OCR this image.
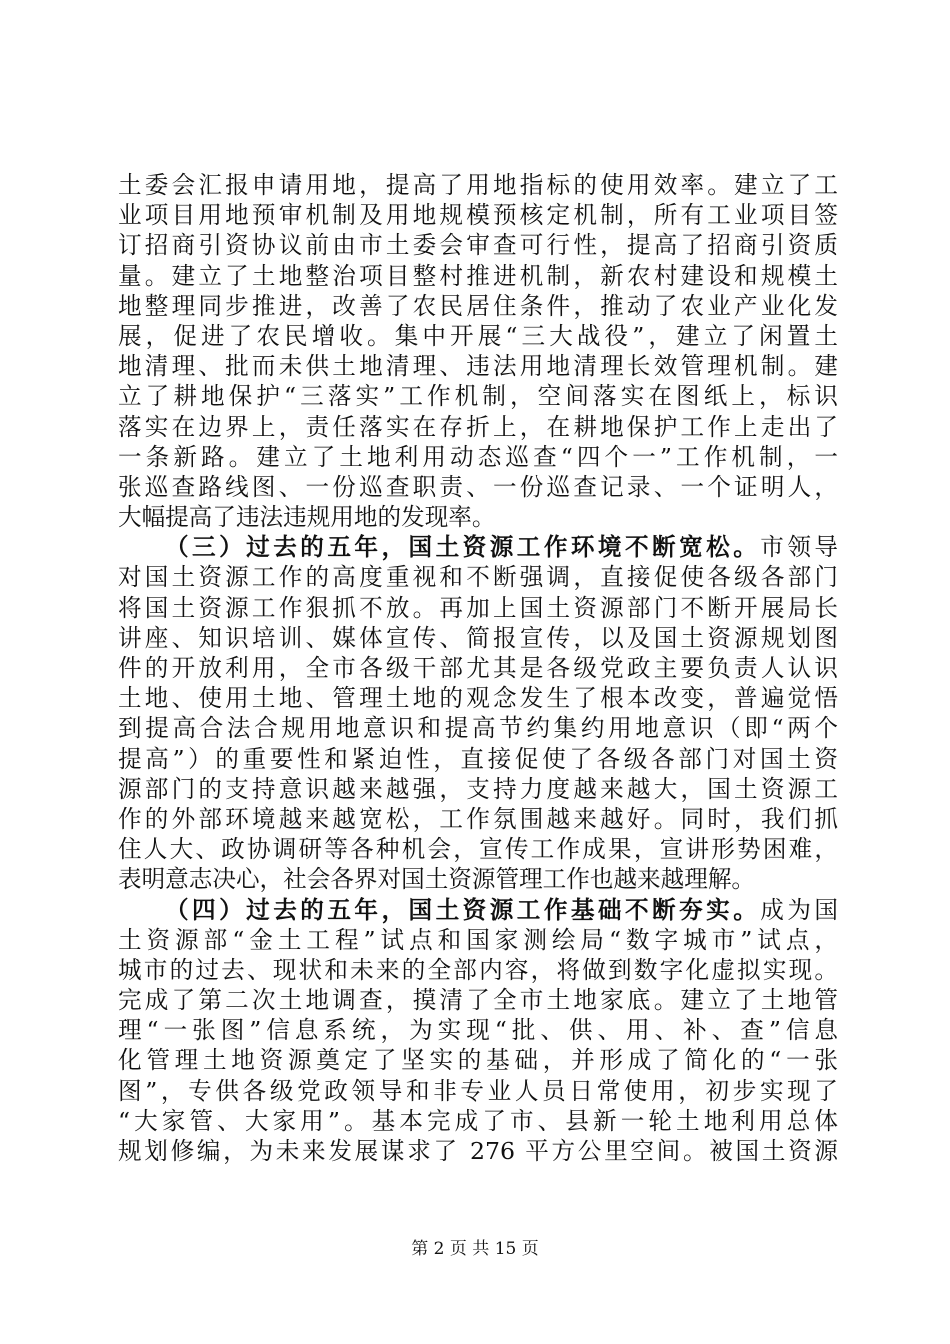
土委会汇报申请用地，提高了用地指标的使用效率。建立了工
业项目用地预审机制及用地规模预核定机制，所有工业项目签
订招商引资协议前由市土委会审查可行性，提高了招商引资质
量。建立了土地整治项目整村推进机制，新农村建设和规模土
地整理同步推进，改善了农民居住条件，推动了农业产业化发
展，促进了农民增收。集中开展“三大战役”，建立了闲置土
地清理、批而未供土地清理、违法用地清理长效管理机制。建
立了耕地保护“三落实”工作机制，空间落实在图纸上，标识
落实在边界上，责任落实在存折上，在耕地保护工作上走出了
一条新路。建立了土地利用动态巡查“四个一”工作机制，一
张巡查路线图、一份巡查职责、一份巡查记录、一个证明人，
大幅提高了违法违规用地的发现率。
（三）过去的五年，国土资源工作环境不断宽松。市领导
对国土资源工作的高度重视和不断强调，直接促使各级各部门
将国土资源工作狠抓不放。再加上国土资源部门不断开展局长
讲座、知识培训、媒体宣传、简报宣传，以及国土资源规划图
件的开放利用，全市各级干部尤其是各级党政主要负责人认识
土地、使用土地、管理土地的观念发生了根本改变，普遍觉悟
到提高合法合规用地意识和提高节约集约用地意识（即“两个
提高”）的重要性和紧迫性，直接促使了各级各部门对国土资
源部门的支持意识越来越强，支持力度越来越大，国土资源工
作的外部环境越来越宽松，工作氛围越来越好。同时，我们抓
住人大、政协调研等各种机会，宣传工作成果，宣讲形势困难，
表明意志决心，社会各界对国土资源管理工作也越来越理解。
（四）过去的五年，国土资源工作基础不断夯实。成为国
土资源部“金土工程”试点和国家测绘局“数字城市”试点，
城市的过去、现状和未来的全部内容，将做到数字化虚拟实现。
完成了第二次土地调查，摸清了全市土地家底。建立了土地管
理“一张图”信息系统，为实现“批、供、用、补、查”信息
化管理土地资源奠定了坚实的基础，并形成了简化的“一张
图”，专供各级党政领导和非专业人员日常使用，初步实现了
“大家管、大家用”。基本完成了市、县新一轮土地利用总体
规划修编，为未来发展谋求了 276 平方公里空间。被国土资源
第 2 页 共 15 页
